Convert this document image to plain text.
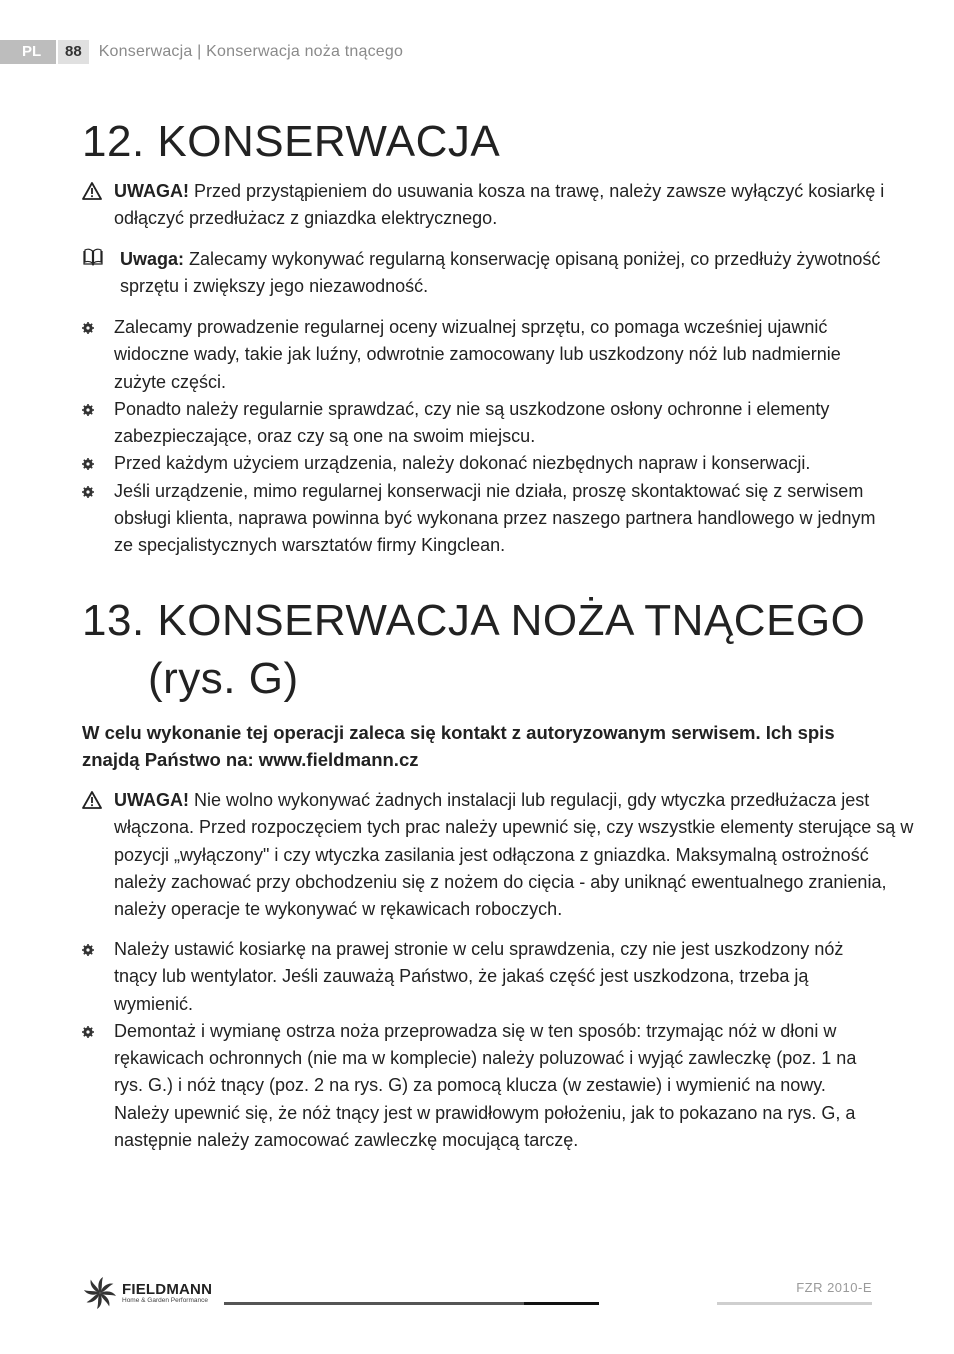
PL	88	Konserwacja | Konserwacja noża tnącego
12. KONSERWACJA
UWAGA! Przed przystąpieniem do usuwania kosza na trawę, należy zawsze wyłączyć kosiarkę i odłączyć przedłużacz z gniazdka elektrycznego.
Uwaga: Zalecamy wykonywać regularną konserwację opisaną poniżej, co przedłuży żywotność sprzętu i zwiększy jego niezawodność.
Zalecamy prowadzenie regularnej oceny wizualnej sprzętu, co pomaga wcześniej ujawnić widoczne wady, takie jak luźny, odwrotnie zamocowany lub uszkodzony nóż lub nadmiernie zużyte części.
Ponadto należy regularnie sprawdzać, czy nie są uszkodzone osłony ochronne i elementy zabezpieczające, oraz czy są one na swoim miejscu.
Przed każdym użyciem urządzenia, należy dokonać niezbędnych napraw i konserwacji.
Jeśli urządzenie, mimo regularnej konserwacji nie działa, proszę skontaktować się z serwisem obsługi klienta, naprawa powinna być wykonana przez naszego partnera handlowego w jednym ze specjalistycznych warsztatów firmy Kingclean.
13. KONSERWACJA NOŻA TNĄCEGO
(rys. G)
W celu wykonanie tej operacji zaleca się kontakt z autoryzowanym serwisem. Ich spis znajdą Państwo na: www.fieldmann.cz
UWAGA! Nie wolno wykonywać żadnych instalacji lub regulacji, gdy wtyczka przedłużacza jest włączona. Przed rozpoczęciem tych prac należy upewnić się, czy wszystkie elementy sterujące są w pozycji „wyłączony" i czy wtyczka zasilania jest odłączona z gniazdka. Maksymalną ostrożność należy zachować przy obchodzeniu się z nożem do cięcia - aby uniknąć ewentualnego zranienia, należy operacje te wykonywać w rękawicach roboczych.
Należy ustawić kosiarkę na prawej stronie w celu sprawdzenia, czy nie jest uszkodzony nóż tnący lub wentylator. Jeśli zauważą Państwo, że jakaś część jest uszkodzona, trzeba ją wymienić.
Demontaż i wymianę ostrza noża przeprowadza się w ten sposób: trzymając nóż w dłoni w rękawicach ochronnych (nie ma w komplecie) należy poluzować i wyjąć zawleczkę (poz. 1 na rys. G.) i nóż tnący (poz. 2 na rys. G) za pomocą klucza (w zestawie) i wymienić na nowy. Należy upewnić się, że nóż tnący jest w prawidłowym położeniu, jak to pokazano na rys. G, a następnie należy zamocować zawleczkę mocującą tarczę.
FIELDMANN
Home & Garden Performance
FZR 2010-E
